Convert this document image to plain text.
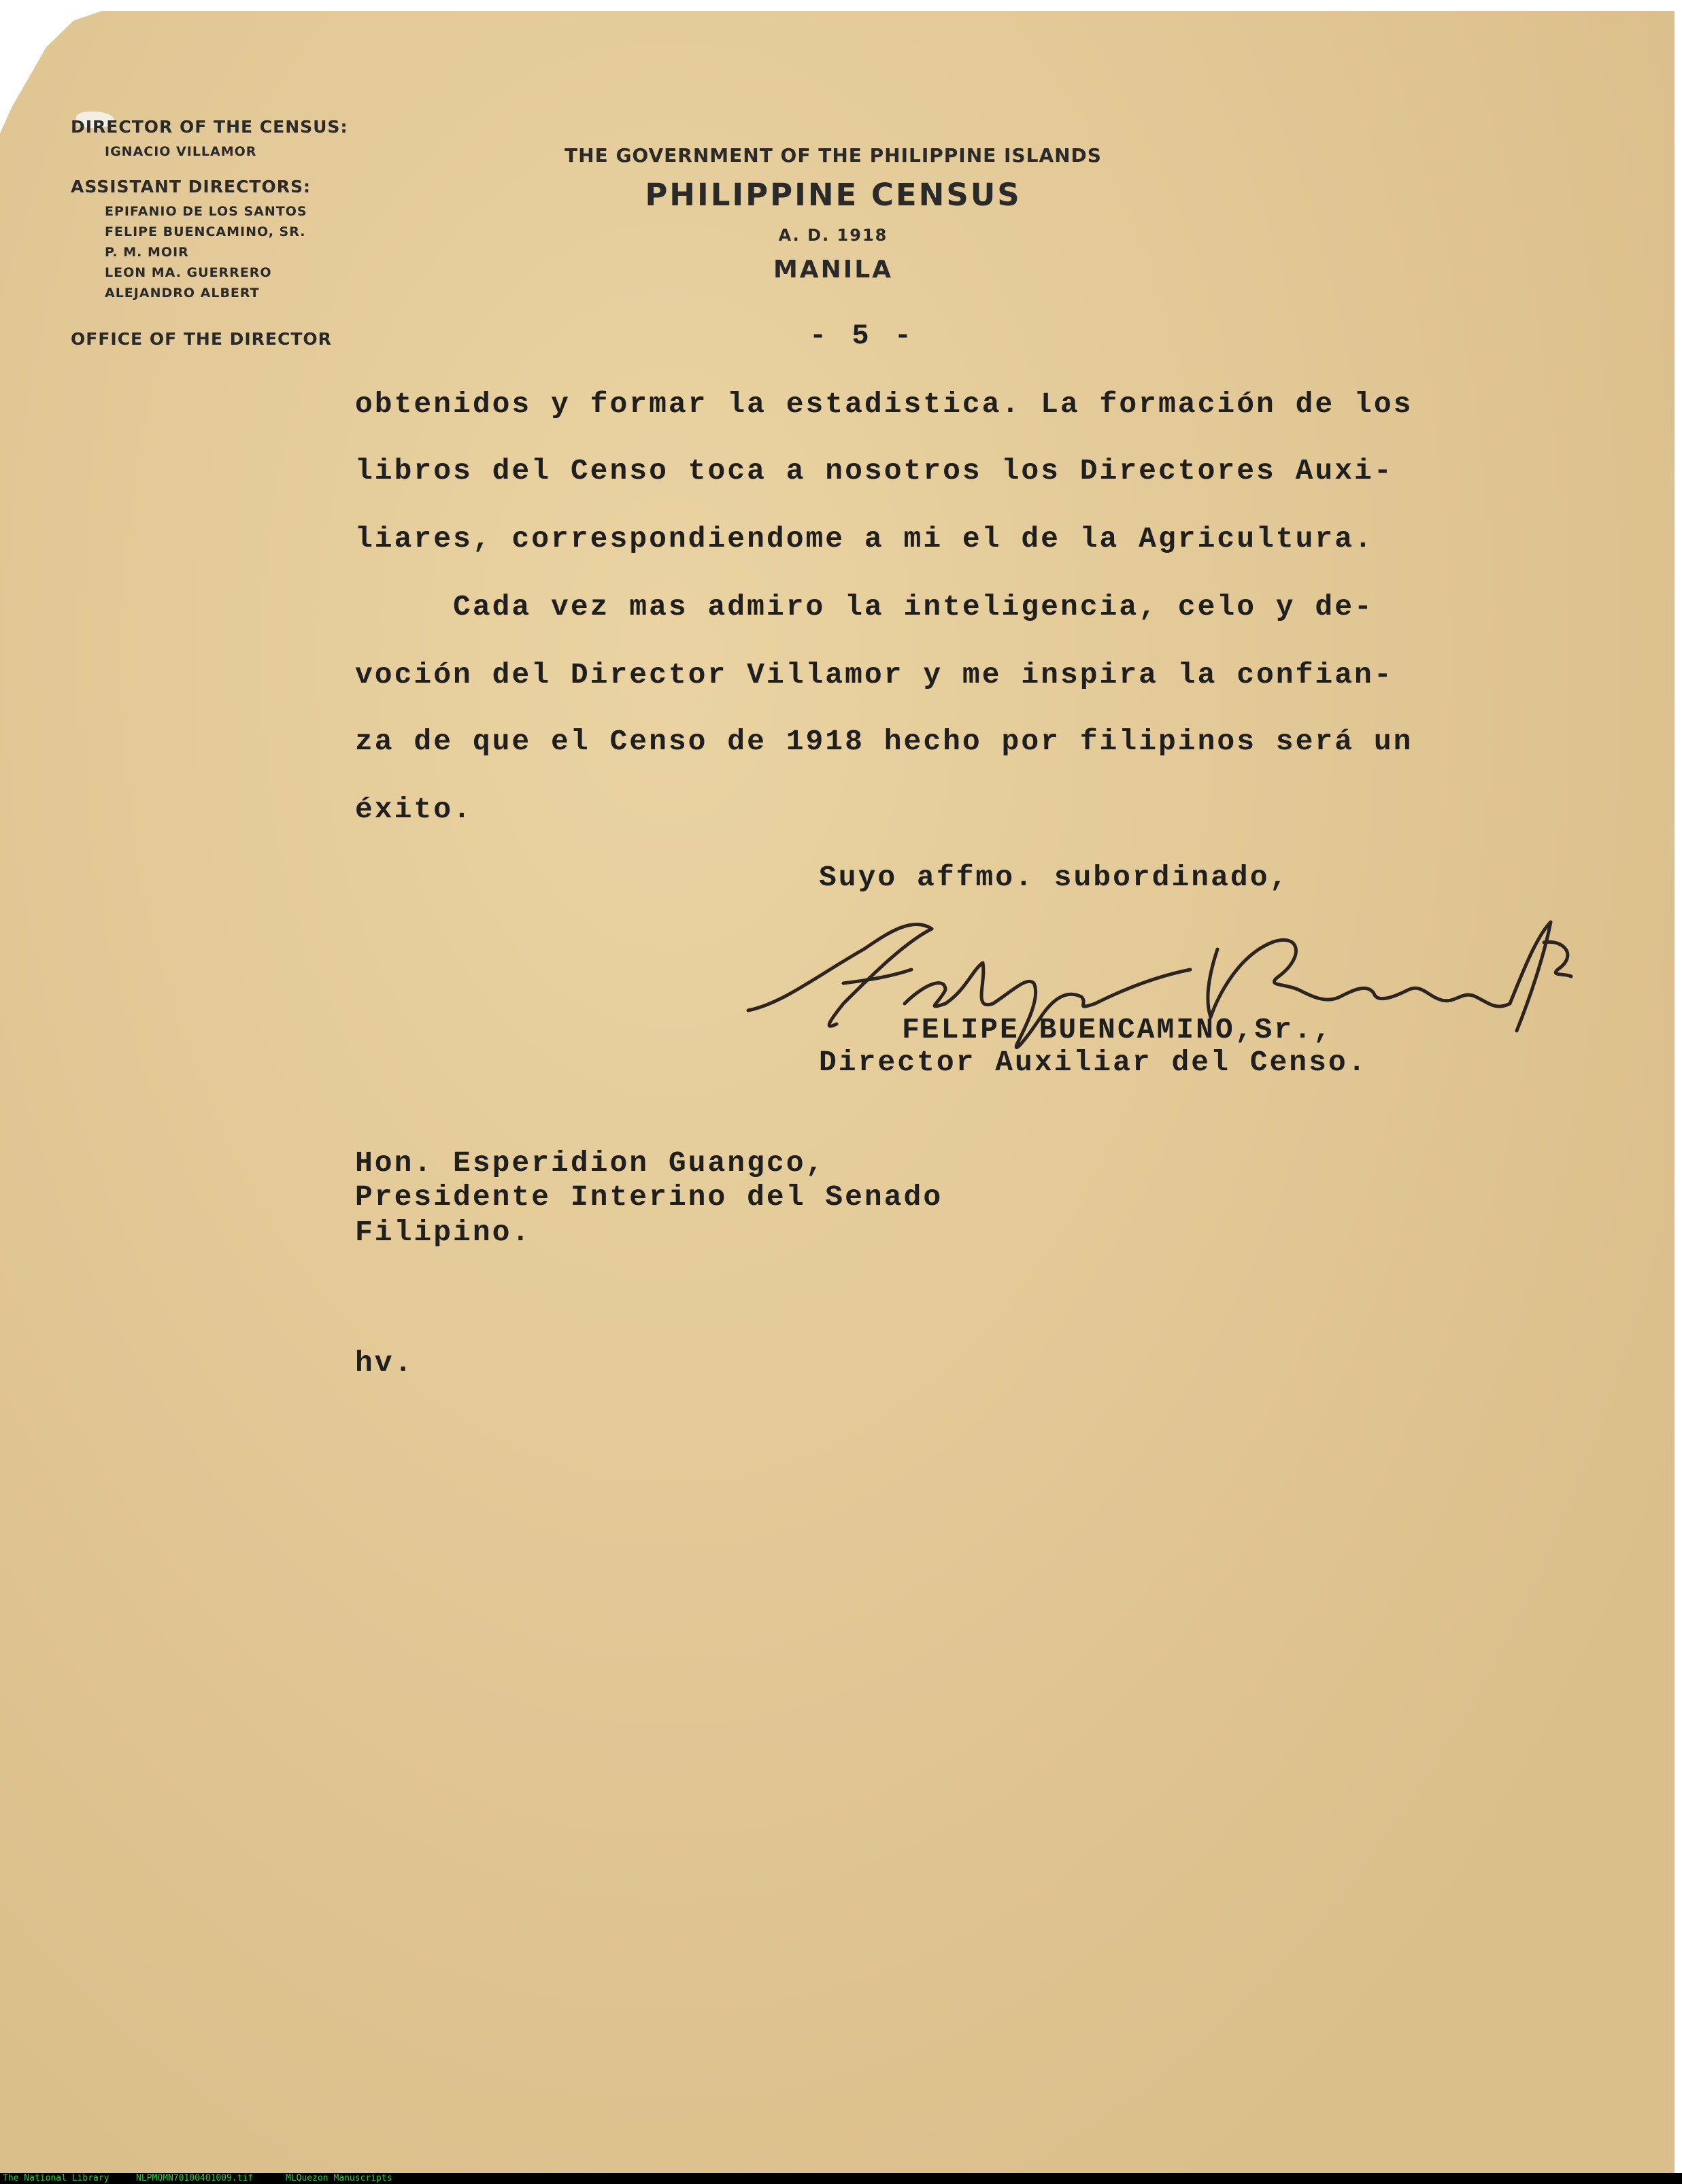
DIRECTOR OF THE CENSUS:
IGNACIO VILLAMOR
ASSISTANT DIRECTORS:
EPIFANIO DE LOS SANTOS
FELIPE BUENCAMINO, SR.
P. M. MOIR
LEON MA. GUERRERO
ALEJANDRO ALBERT
OFFICE OF THE DIRECTOR
THE GOVERNMENT OF THE PHILIPPINE ISLANDS
PHILIPPINE CENSUS
A. D. 1918
MANILA
- 5 -
obtenidos y formar la estadistica. La formación de los
libros del Censo toca a nosotros los Directores Auxi-
liares, correspondiendome a mi el de la Agricultura.
Cada vez mas admiro la inteligencia, celo y de-
voción del Director Villamor y me inspira la confian-
za de que el Censo de 1918 hecho por filipinos será un
éxito.
Suyo affmo. subordinado,
FELIPE BUENCAMINO,Sr.,
Director Auxiliar del Censo.
Hon. Esperidion Guangco,
Presidente Interino del Senado
Filipino.
hv.
The National Library	NLPMQMN7010040100​9.tif	MLQuezon Manuscripts
